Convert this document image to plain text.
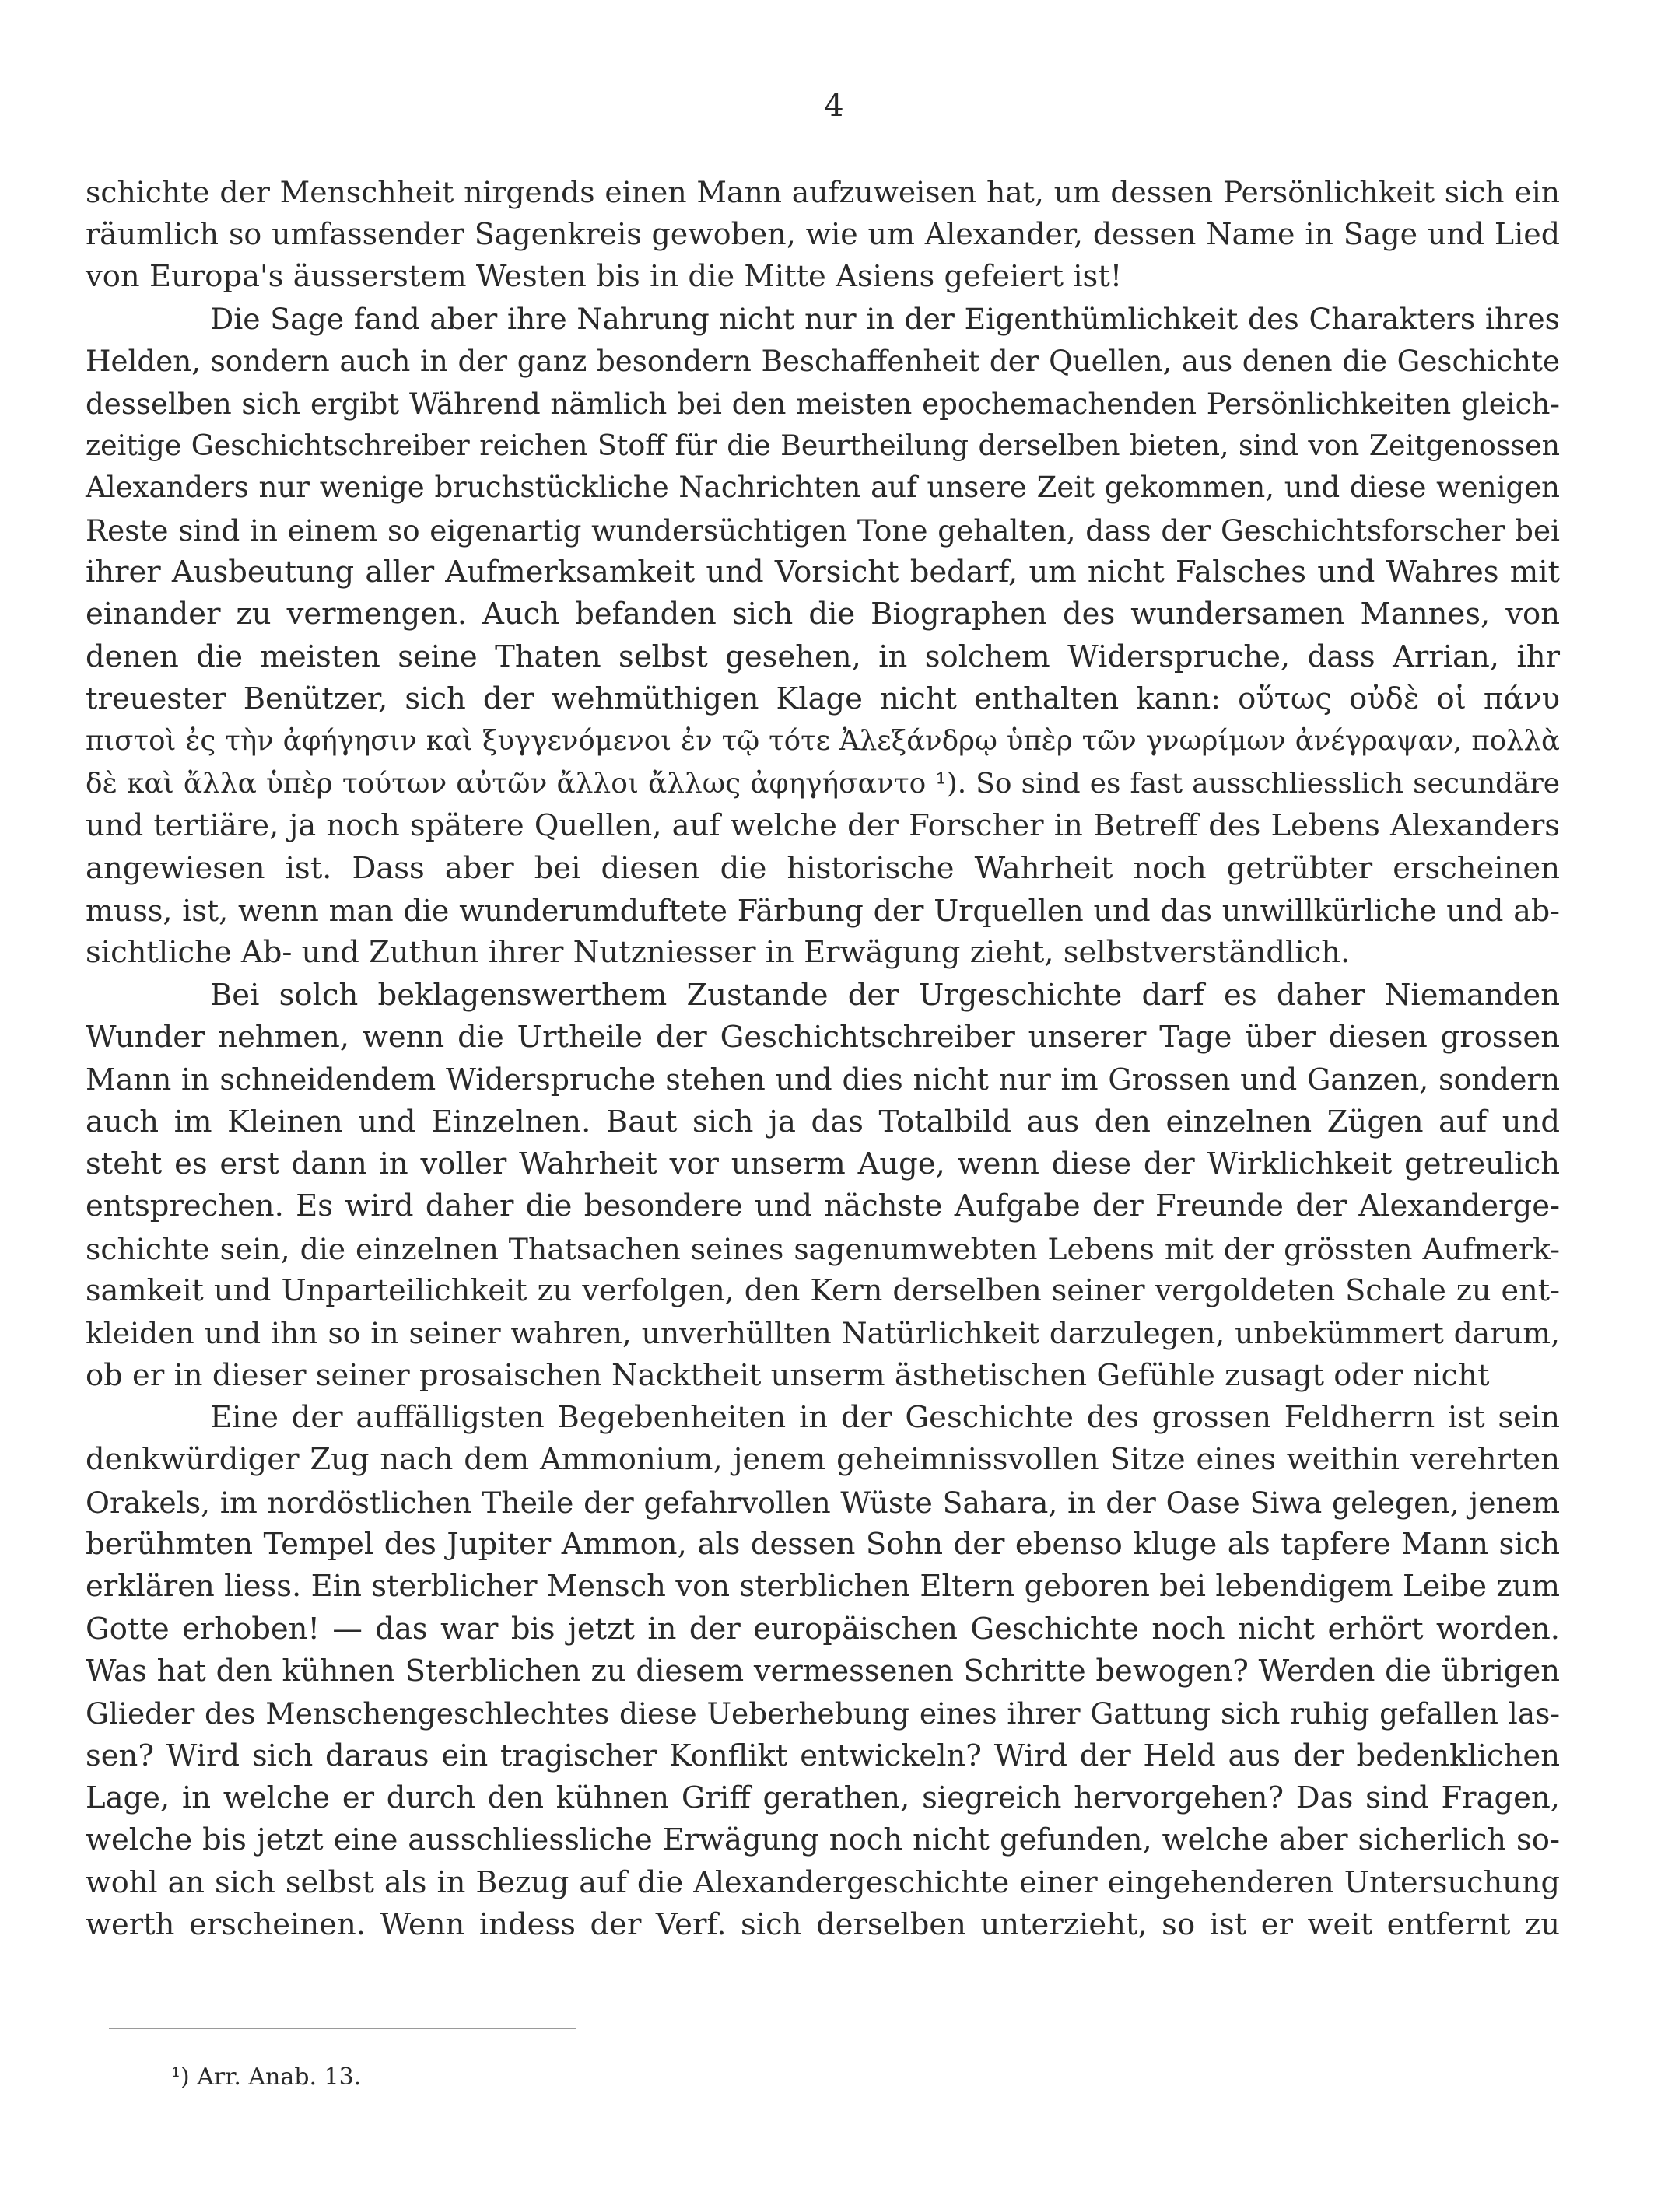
4
schichte der Menschheit nirgends einen Mann aufzuweisen hat, um dessen Persönlichkeit sich ein
räumlich so umfassender Sagenkreis gewoben, wie um Alexander, dessen Name in Sage und Lied
von Europa's äusserstem Westen bis in die Mitte Asiens gefeiert ist!
Die Sage fand aber ihre Nahrung nicht nur in der Eigenthümlichkeit des Charakters ihres
Helden, sondern auch in der ganz besondern Beschaffenheit der Quellen, aus denen die Geschichte
desselben sich ergibt Während nämlich bei den meisten epochemachenden Persönlichkeiten gleich-
zeitige Geschichtschreiber reichen Stoff für die Beurtheilung derselben bieten, sind von Zeitgenossen
Alexanders nur wenige bruchstückliche Nachrichten auf unsere Zeit gekommen, und diese wenigen
Reste sind in einem so eigenartig wundersüchtigen Tone gehalten, dass der Geschichtsforscher bei
ihrer Ausbeutung aller Aufmerksamkeit und Vorsicht bedarf, um nicht Falsches und Wahres mit
einander zu vermengen. Auch befanden sich die Biographen des wundersamen Mannes, von
denen die meisten seine Thaten selbst gesehen, in solchem Widerspruche, dass Arrian, ihr
treuester Benützer, sich der wehmüthigen Klage nicht enthalten kann: οὕτως οὐδὲ οἱ πάνυ
πιστοὶ ἐς τὴν ἀφήγησιν καὶ ξυγγενόμενοι ἐν τῷ τότε Ἀλεξάνδρῳ ὑπὲρ τῶν γνωρίμων ἀνέγραψαν, πολλὰ
δὲ καὶ ἄλλα ὑπὲρ τούτων αὐτῶν ἄλλοι ἄλλως ἀφηγήσαντο ¹). So sind es fast ausschliesslich secundäre
und tertiäre, ja noch spätere Quellen, auf welche der Forscher in Betreff des Lebens Alexanders
angewiesen ist. Dass aber bei diesen die historische Wahrheit noch getrübter erscheinen
muss, ist, wenn man die wunderumduftete Färbung der Urquellen und das unwillkürliche und ab-
sichtliche Ab- und Zuthun ihrer Nutzniesser in Erwägung zieht, selbstverständlich.
Bei solch beklagenswerthem Zustande der Urgeschichte darf es daher Niemanden
Wunder nehmen, wenn die Urtheile der Geschichtschreiber unserer Tage über diesen grossen
Mann in schneidendem Widerspruche stehen und dies nicht nur im Grossen und Ganzen, sondern
auch im Kleinen und Einzelnen. Baut sich ja das Totalbild aus den einzelnen Zügen auf und
steht es erst dann in voller Wahrheit vor unserm Auge, wenn diese der Wirklichkeit getreulich
entsprechen. Es wird daher die besondere und nächste Aufgabe der Freunde der Alexanderge-
schichte sein, die einzelnen Thatsachen seines sagenumwebten Lebens mit der grössten Aufmerk-
samkeit und Unparteilichkeit zu verfolgen, den Kern derselben seiner vergoldeten Schale zu ent-
kleiden und ihn so in seiner wahren, unverhüllten Natürlichkeit darzulegen, unbekümmert darum,
ob er in dieser seiner prosaischen Nacktheit unserm ästhetischen Gefühle zusagt oder nicht
Eine der auffälligsten Begebenheiten in der Geschichte des grossen Feldherrn ist sein
denkwürdiger Zug nach dem Ammonium, jenem geheimnissvollen Sitze eines weithin verehrten
Orakels, im nordöstlichen Theile der gefahrvollen Wüste Sahara, in der Oase Siwa gelegen, jenem
berühmten Tempel des Jupiter Ammon, als dessen Sohn der ebenso kluge als tapfere Mann sich
erklären liess. Ein sterblicher Mensch von sterblichen Eltern geboren bei lebendigem Leibe zum
Gotte erhoben! — das war bis jetzt in der europäischen Geschichte noch nicht erhört worden.
Was hat den kühnen Sterblichen zu diesem vermessenen Schritte bewogen? Werden die übrigen
Glieder des Menschengeschlechtes diese Ueberhebung eines ihrer Gattung sich ruhig gefallen las-
sen? Wird sich daraus ein tragischer Konflikt entwickeln? Wird der Held aus der bedenklichen
Lage, in welche er durch den kühnen Griff gerathen, siegreich hervorgehen? Das sind Fragen,
welche bis jetzt eine ausschliessliche Erwägung noch nicht gefunden, welche aber sicherlich so-
wohl an sich selbst als in Bezug auf die Alexandergeschichte einer eingehenderen Untersuchung
werth erscheinen. Wenn indess der Verf. sich derselben unterzieht, so ist er weit entfernt zu
¹) Arr. Anab. 13.
